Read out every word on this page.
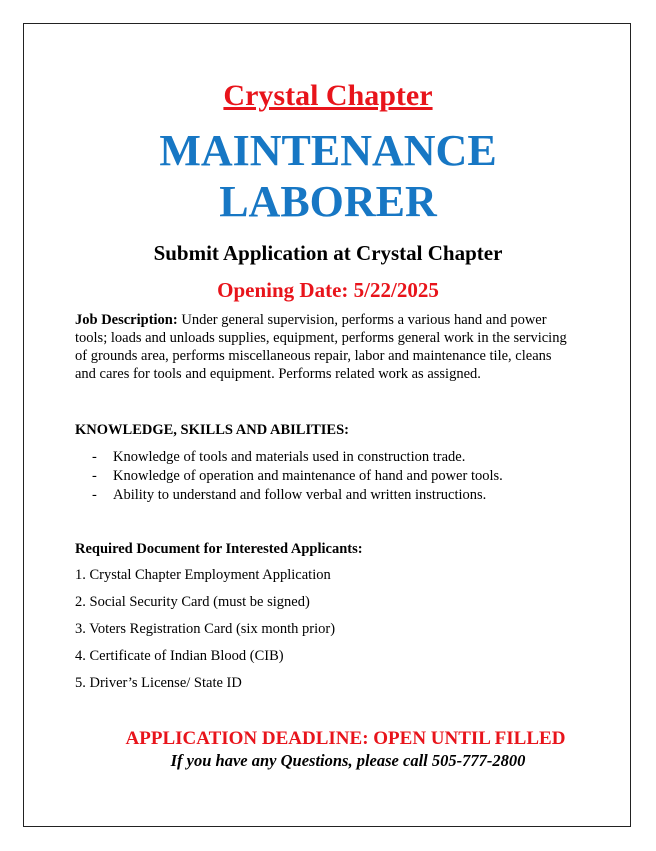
Crystal Chapter
MAINTENANCE
LABORER
Submit Application at Crystal Chapter
Opening Date: 5/22/2025
Job Description: Under general supervision, performs a various hand and power tools; loads and unloads supplies, equipment, performs general work in the servicing of grounds area, performs miscellaneous repair, labor and maintenance tile, cleans and cares for tools and equipment. Performs related work as assigned.
KNOWLEDGE, SKILLS AND ABILITIES:
- Knowledge of tools and materials used in construction trade.
- Knowledge of operation and maintenance of hand and power tools.
- Ability to understand and follow verbal and written instructions.
Required Document for Interested Applicants:
1. Crystal Chapter Employment Application
2. Social Security Card (must be signed)
3. Voters Registration Card (six month prior)
4. Certificate of Indian Blood (CIB)
5. Driver’s License/ State ID
APPLICATION DEADLINE: OPEN UNTIL FILLED
If you have any Questions, please call 505-777-2800
